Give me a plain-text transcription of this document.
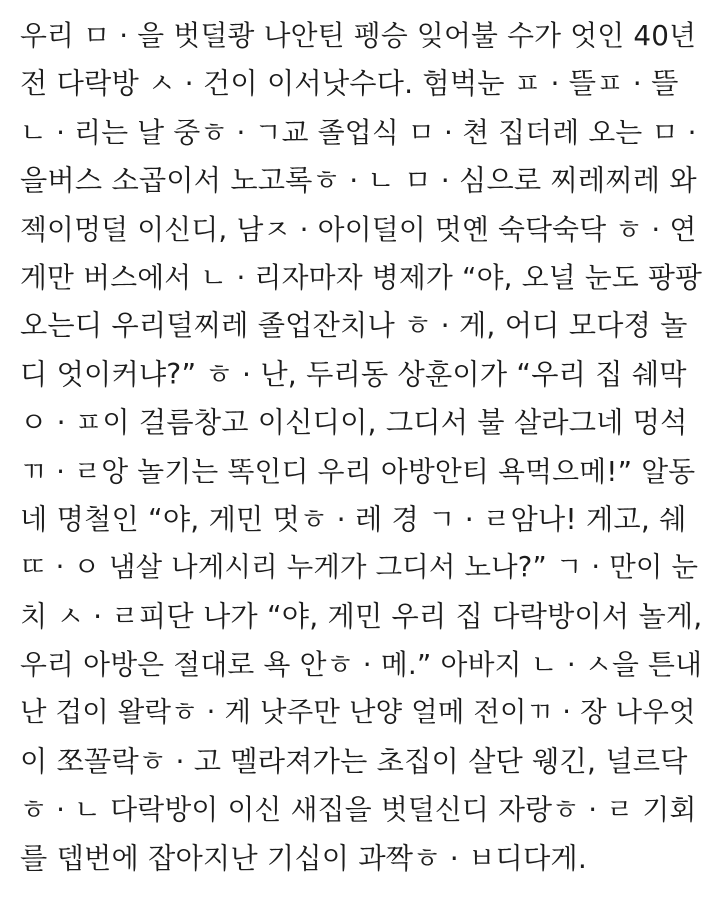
우리 ㅁ · 을 벗덜쾅 나안틴 펭승 잊어불 수가 엇인 40년
전 다락방 ㅅ · 건이 이서낫수다. 험벅눈 ㅍ · 뜰ㅍ · 뜰
ㄴ · 리는 날 중ㅎ · ㄱ교 졸업식 ㅁ · 쳔 집더레 오는 ㅁ ·
을버스 소곱이서 노고록ㅎ · ㄴ ㅁ · 심으로 찌레찌레 와
젝이멍덜 이신디, 남ㅈ · 아이덜이 멋옌 숙닥숙닥 ㅎ · 연
게만 버스에서 ㄴ · 리자마자 병제가 “야, 오널 눈도 팡팡
오는디 우리덜찌레 졸업잔치나 ㅎ · 게, 어디 모다졍 놀
디 엇이커냐?” ㅎ · 난, 두리동 상훈이가 “우리 집 쉐막
ㅇ · ㅍ이 걸름창고 이신디이, 그디서 불 살라그네 멍석
ㄲ · ㄹ앙 놀기는 똑인디 우리 아방안티 욕먹으메!” 알동
네 명철인 “야, 게민 멋ㅎ · 레 경 ㄱ · ㄹ암나! 게고, 쉐
ㄸ · ㅇ 냄살 나게시리 누게가 그디서 노나?” ㄱ · 만이 눈
치 ㅅ · ㄹ피단 나가 “야, 게민 우리 집 다락방이서 놀게,
우리 아방은 절대로 욕 안ㅎ · 메.” 아바지 ㄴ · ㅅ을 튼내
난 겁이 왈락ㅎ · 게 낫주만 난양 얼메 전이ㄲ · 장 나우엇
이 쪼꼴락ㅎ · 고 멜라져가는 초집이 살단 웽긴, 널르닥
ㅎ · ㄴ 다락방이 이신 새집을 벗덜신디 자랑ㅎ · ㄹ 기회
를 뎁번에 잡아지난 기십이 과짝ㅎ · ㅂ디다게.
